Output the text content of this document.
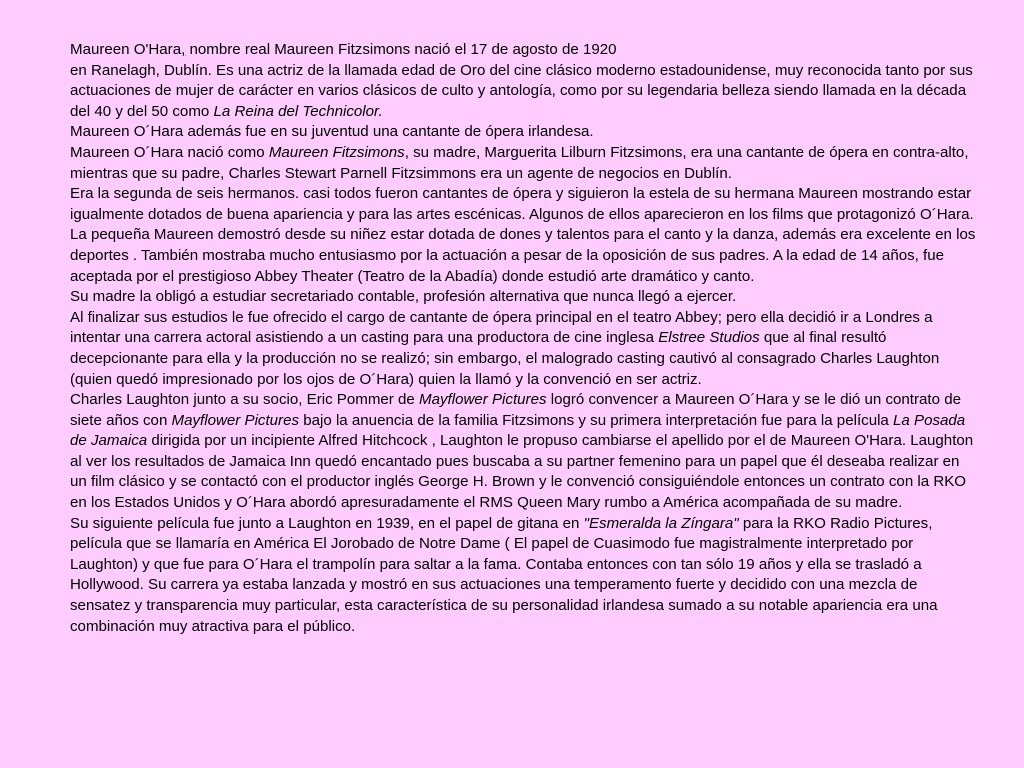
Maureen O'Hara, nombre real Maureen Fitzsimons nació el 17 de agosto de 1920

en Ranelagh, Dublín. Es una actriz de la llamada edad de Oro del cine clásico moderno estadounidense, muy reconocida tanto por sus actuaciones de mujer de carácter en varios clásicos de culto y antología, como por su legendaria belleza siendo llamada en la década del 40 y del 50 como La Reina del Technicolor.

Maureen O´Hara además fue en su juventud una cantante de ópera irlandesa.

Maureen O´Hara nació como Maureen Fitzsimons, su madre, Marguerita Lilburn Fitzsimons, era una cantante de ópera en contra-alto, mientras que su padre, Charles Stewart Parnell Fitzsimmons era un agente de negocios en Dublín.

Era la segunda de seis hermanos. casi todos fueron cantantes de ópera y siguieron la estela de su hermana Maureen mostrando estar igualmente dotados de buena apariencia y para las artes escénicas. Algunos de ellos aparecieron en los films que protagonizó O´Hara.

La pequeña Maureen demostró desde su niñez estar dotada de dones y talentos para el canto y la danza, además era excelente en los deportes . También mostraba mucho entusiasmo por la actuación a pesar de la oposición de sus padres. A la edad de 14 años, fue aceptada por el prestigioso Abbey Theater (Teatro de la Abadía) donde estudió arte dramático y canto.

Su madre la obligó a estudiar secretariado contable, profesión alternativa que nunca llegó a ejercer.

Al finalizar sus estudios le fue ofrecido el cargo de cantante de ópera principal en el teatro Abbey; pero ella decidió ir a Londres a intentar una carrera actoral asistiendo a un casting para una productora de cine inglesa Elstree Studios que al final resultó decepcionante para ella y la producción no se realizó; sin embargo, el malogrado casting cautivó al consagrado Charles Laughton (quien quedó impresionado por los ojos de O´Hara) quien la llamó y la convenció en ser actriz.

Charles Laughton junto a su socio, Eric Pommer de Mayflower Pictures logró convencer a Maureen O´Hara y se le dió un contrato de siete años con Mayflower Pictures bajo la anuencia de la familia Fitzsimons y su primera interpretación fue para la película La Posada de Jamaica dirigida por un incipiente Alfred Hitchcock , Laughton le propuso cambiarse el apellido por el de Maureen O'Hara. Laughton al ver los resultados de Jamaica Inn quedó encantado pues buscaba a su partner femenino para un papel que él deseaba realizar en un film clásico y se contactó con el productor inglés George H. Brown y le convenció consiguiéndole entonces un contrato con la RKO en los Estados Unidos y O´Hara abordó apresuradamente el RMS Queen Mary rumbo a América acompañada de su madre.

Su siguiente película fue junto a Laughton en 1939, en el papel de gitana en "Esmeralda la Zíngara" para la RKO Radio Pictures, película que se llamaría en América El Jorobado de Notre Dame ( El papel de Cuasimodo fue magistralmente interpretado por Laughton) y que fue para O´Hara el trampolín para saltar a la fama. Contaba entonces con tan sólo 19 años y ella se trasladó a Hollywood. Su carrera ya estaba lanzada y mostró en sus actuaciones una temperamento fuerte y decidido con una mezcla de sensatez y transparencia muy particular, esta característica de su personalidad irlandesa sumado a su notable apariencia era una combinación muy atractiva para el público.
